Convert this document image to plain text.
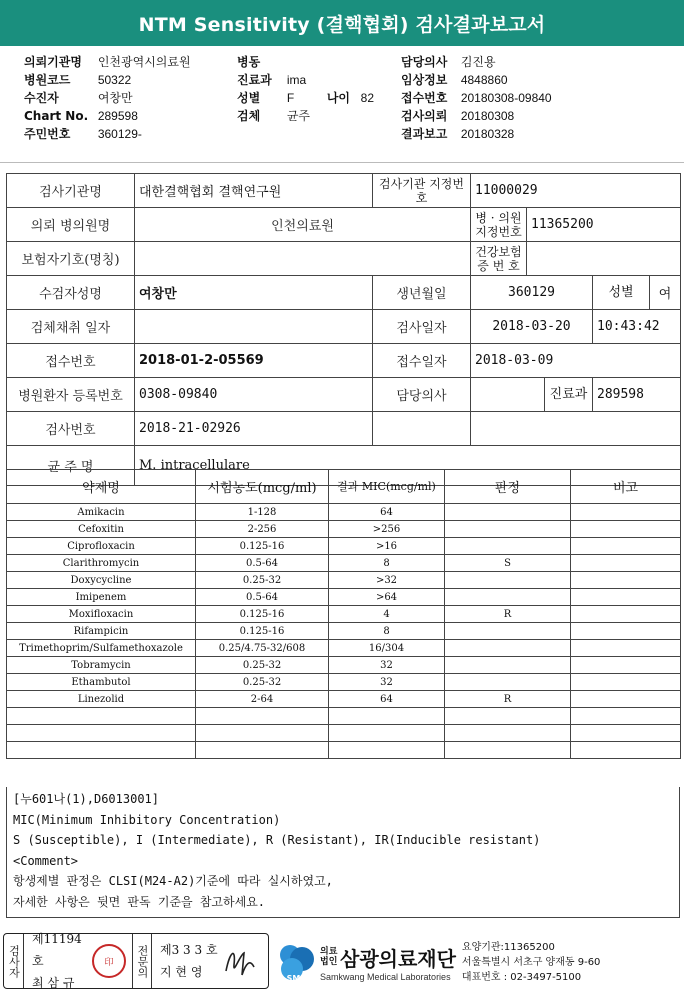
NTM Sensitivity (결핵협회) 검사결과보고서
의뢰기관명 인천광역시의료원
병원코드 50322
수진자	여창만
Chart No. 289598
주민번호 360129-
병동
진료과 ima
성별 F	나이 82
검체 균주
담당의사 김진용
임상정보 4848860
접수번호 20180308-09840
검사의뢰 20180308
결과보고 20180328
검사기관명	대한결핵협회 결핵연구원	검사기관 지정번호	11000029		
의뢰 병의원명	인천의료원		병 · 의원 지정번호	11365200	
보험자기호(명칭)			건강보험 증 번 호		
수검자성명	여창만	생년월일	360129		성별 여

검체채취 일자		검사일자	2018-03-20		10:43:42
접수번호	2018-01-2-05569	접수일자	2018-03-09		
병원환자 등록번호	0308-09840	담당의사	진료과		289598
검사번호	2018-21-02926				
균 주 명	M. intracellulare				
약제명	시험농도(mcg/ml)	결과 MIC(mcg/ml)	판정	비고
Amikacin	1-128	64		
Cefoxitin	2-256	>256		
Ciprofloxacin	0.125-16	>16		
Clarithromycin	0.5-64	8	S	
Doxycycline	0.25-32	>32		
Imipenem	0.5-64	>64		
Moxifloxacin	0.125-16	4	R	
Rifampicin	0.125-16	8		
Trimethoprim/Sulfamethoxazole	0.25/4.75-32/608	16/304		
Tobramycin	0.25-32	32		
Ethambutol	0.25-32	32		
Linezolid	2-64	64	R	

[누601나(1),D6013001]
MIC(Minimum Inhibitory Concentration)
S (Susceptible), I (Intermediate), R (Resistant), IR(Inducible resistant)
<Comment>
항생제별 판정은 CLSI(M24-A2)기준에 따라 실시하였고,
자세한 사항은 뒷면 판독 기준을 참고하세요.
검사자
제11194호
최 삼 규
印	전문의 제3 3 3 호
지 현 영	SML
의료 법인 삼광의료재단
Samkwang Medical Laboratories
요양기관:11365200
서울특별시 서초구 양재동 9-60
대표번호 : 02-3497-5100
